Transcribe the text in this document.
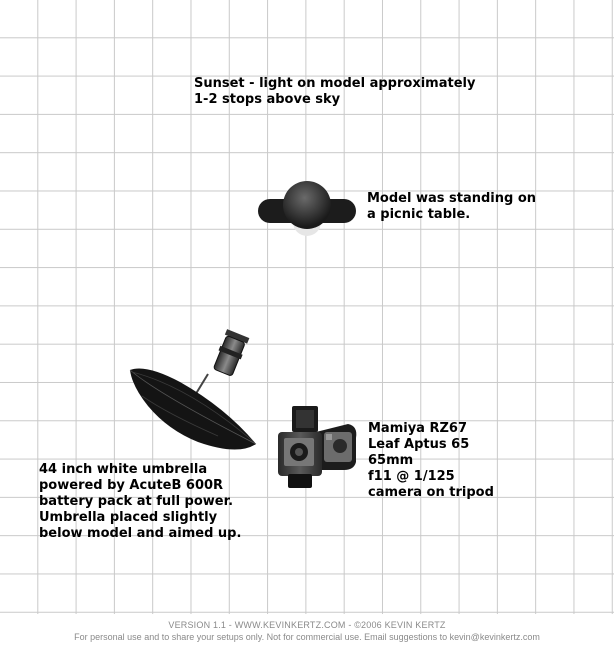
Sunset - light on model approximately
1-2 stops above sky
Model was standing on
a picnic table.
Mamiya RZ67
Leaf Aptus 65
65mm
f11 @ 1/125
camera on tripod
44 inch white umbrella
powered by AcuteB 600R
battery pack at full power.
Umbrella placed slightly
below model and aimed up.
VERSION 1.1 - WWW.KEVINKERTZ.COM - ©2006 KEVIN KERTZ
For personal use and to share your setups only. Not for commercial use. Email suggestions to kevin@kevinkertz.com
